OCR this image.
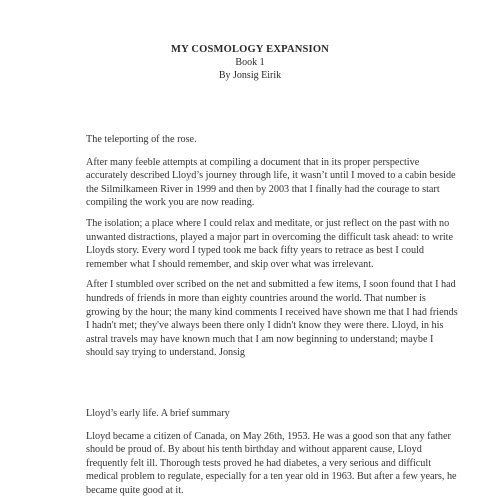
MY COSMOLOGY EXPANSION

Book 1

By Jonsig Eirik

The teleporting of the rose.

After many feeble attempts at compiling a document that in its proper perspective accurately described Lloyd’s journey through life, it wasn’t until I moved to a cabin beside the Silmilkameen River in 1999 and then by 2003 that I finally had the courage to start compiling the work you are now reading.

The isolation; a place where I could relax and meditate, or just reflect on the past with no unwanted distractions, played a major part in overcoming the difficult task ahead: to write Lloyds story. Every word I typed took me back fifty years to retrace as best I could remember what I should remember, and skip over what was irrelevant.

After I stumbled over scribed on the net and submitted a few items, I soon found that I had hundreds of friends in more than eighty countries around the world. That number is growing by the hour; the many kind comments I received have shown me that I had friends I hadn't met; they've always been there only I didn't know they were there. Lloyd, in his astral travels may have known much that I am now beginning to understand; maybe I should say trying to understand. Jonsig

Lloyd’s early life. A brief summary

Lloyd became a citizen of Canada, on May 26th, 1953. He was a good son that any father should be proud of. By about his tenth birthday and without apparent cause, Lloyd frequently felt ill. Thorough tests proved he had diabetes, a very serious and difficult medical problem to regulate, especially for a ten year old in 1963. But after a few years, he became quite good at it.
